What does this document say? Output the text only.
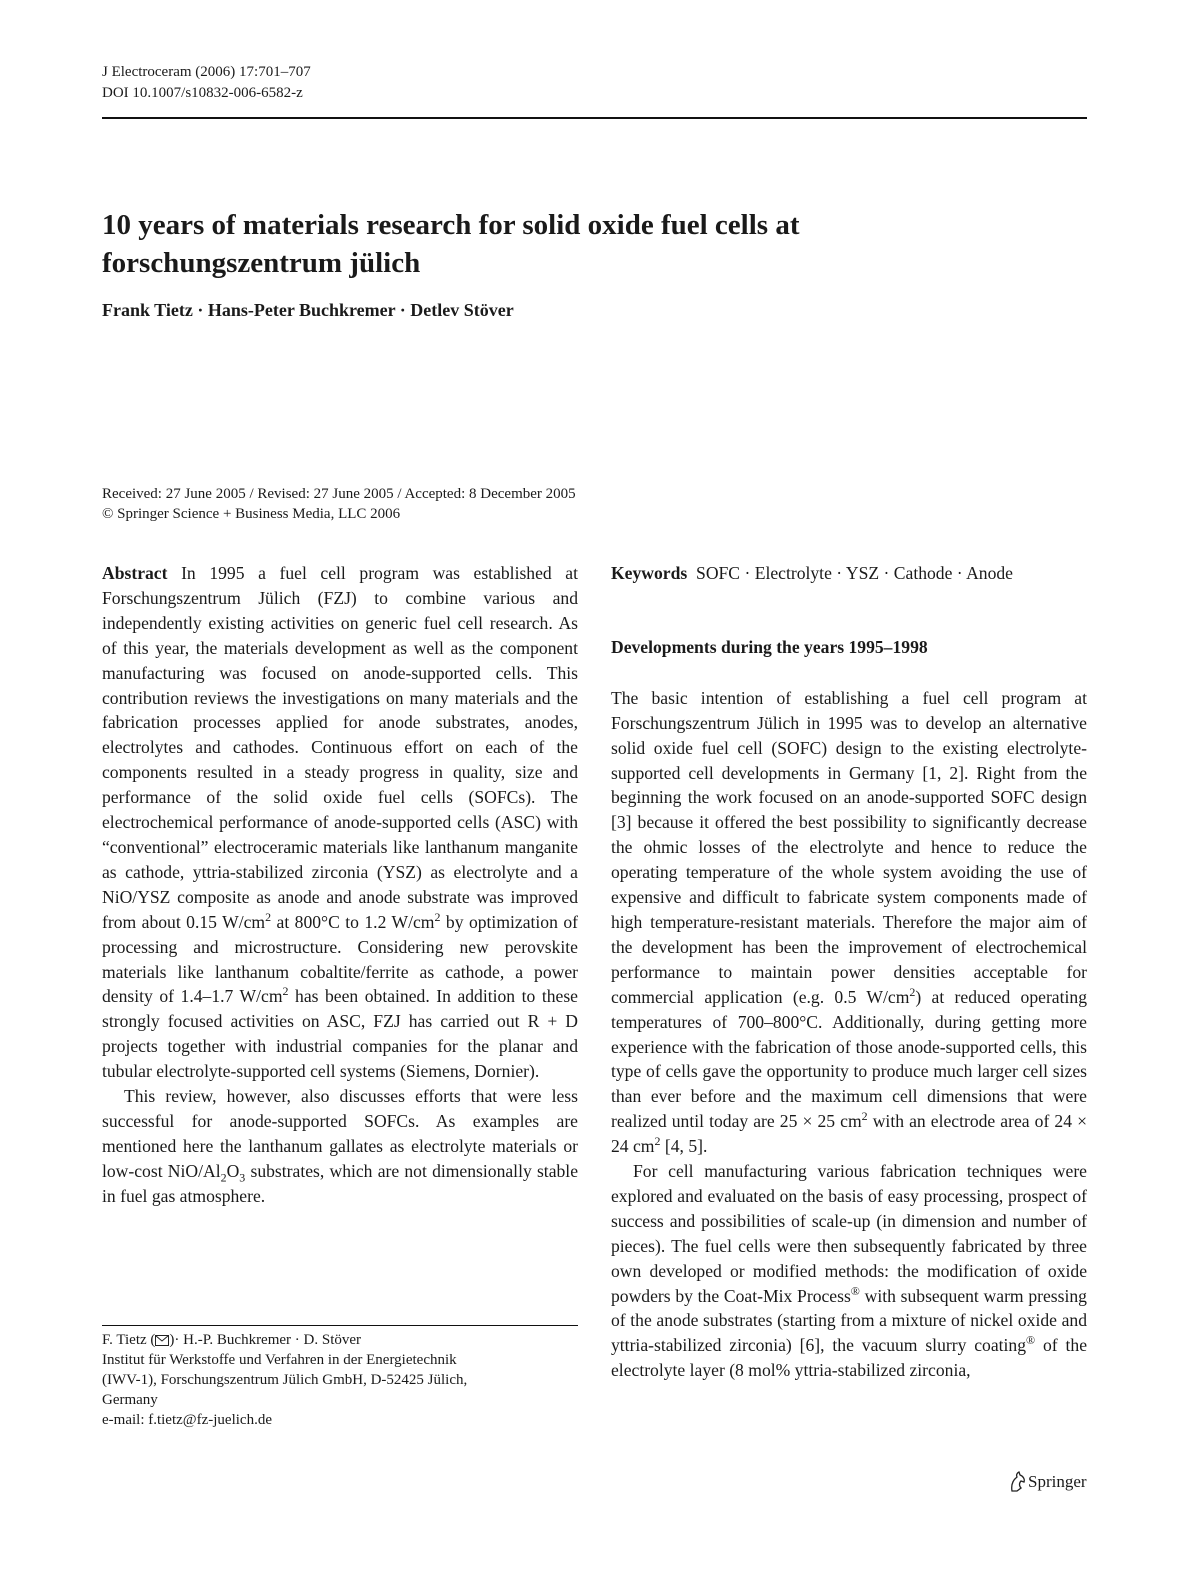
J Electroceram (2006) 17:701–707
DOI 10.1007/s10832-006-6582-z
10 years of materials research for solid oxide fuel cells at forschungszentrum jülich
Frank Tietz · Hans-Peter Buchkremer · Detlev Stöver
Received: 27 June 2005 / Revised: 27 June 2005 / Accepted: 8 December 2005
© Springer Science + Business Media, LLC 2006

Abstract In 1995 a fuel cell program was established at Forschungszentrum Jülich (FZJ) to combine various and independently existing activities on generic fuel cell research. As of this year, the materials development as well as the component manufacturing was focused on anode-supported cells. This contribution reviews the investigations on many materials and the fabrication processes applied for anode substrates, anodes, electrolytes and cathodes. Continuous effort on each of the components resulted in a steady progress in quality, size and performance of the solid oxide fuel cells (SOFCs). The electrochemical performance of anode-supported cells (ASC) with “conventional” electroceramic materials like lanthanum manganite as cathode, yttria-stabilized zirconia (YSZ) as electrolyte and a NiO/YSZ composite as anode and anode substrate was improved from about 0.15 $W/cm^2$ at 800°C to 1.2 $W/cm^2$ by optimization of processing and microstructure. Considering new perovskite materials like lanthanum cobaltite/ferrite as cathode, a power density of 1.4–1.7 $W/cm^2$ has been obtained. In addition to these strongly focused activities on ASC, FZJ has carried out R + D projects together with industrial companies for the planar and tubular electrolyte-supported cell systems (Siemens, Dornier).

This review, however, also discusses efforts that were less successful for anode-supported SOFCs. As examples are mentioned here the lanthanum gallates as electrolyte materials or low-cost NiO/$Al_2O_3$ substrates, which are not dimensionally stable in fuel gas atmosphere.

F. Tietz ( )· H.-P. Buchkremer · D. Stöver
Institut für Werkstoffe und Verfahren in der Energietechnik
(IWV-1), Forschungszentrum Jülich GmbH, D-52425 Jülich,
Germany
e-mail: f.tietz@fz-juelich.de

Keywords SOFC · Electrolyte · YSZ · Cathode · Anode

Developments during the years 1995–1998

The basic intention of establishing a fuel cell program at Forschungszentrum Jülich in 1995 was to develop an alternative solid oxide fuel cell (SOFC) design to the existing electrolyte-supported cell developments in Germany [1, 2]. Right from the beginning the work focused on an anode-supported SOFC design [3] because it offered the best possibility to significantly decrease the ohmic losses of the electrolyte and hence to reduce the operating temperature of the whole system avoiding the use of expensive and difficult to fabricate system components made of high temperature-resistant materials. Therefore the major aim of the development has been the improvement of electrochemical performance to maintain power densities acceptable for commercial application (e.g. 0.5 $W/cm^2$) at reduced operating temperatures of 700–800°C. Additionally, during getting more experience with the fabrication of those anode-supported cells, this type of cells gave the opportunity to produce much larger cell sizes than ever before and the maximum cell dimensions that were realized until today are 25 × 25 $cm^2$ with an electrode area of 24 × 24 $cm^2$ [4, 5].

For cell manufacturing various fabrication techniques were explored and evaluated on the basis of easy processing, prospect of success and possibilities of scale-up (in dimension and number of pieces). The fuel cells were then subsequently fabricated by three own developed or modified methods: the modification of oxide powders by the Coat-Mix Process® with subsequent warm pressing of the anode substrates (starting from a mixture of nickel oxide and yttria-stabilized zirconia) [6], the vacuum slurry coating® of the electrolyte layer (8 mol% yttria-stabilized zirconia,

Springer
